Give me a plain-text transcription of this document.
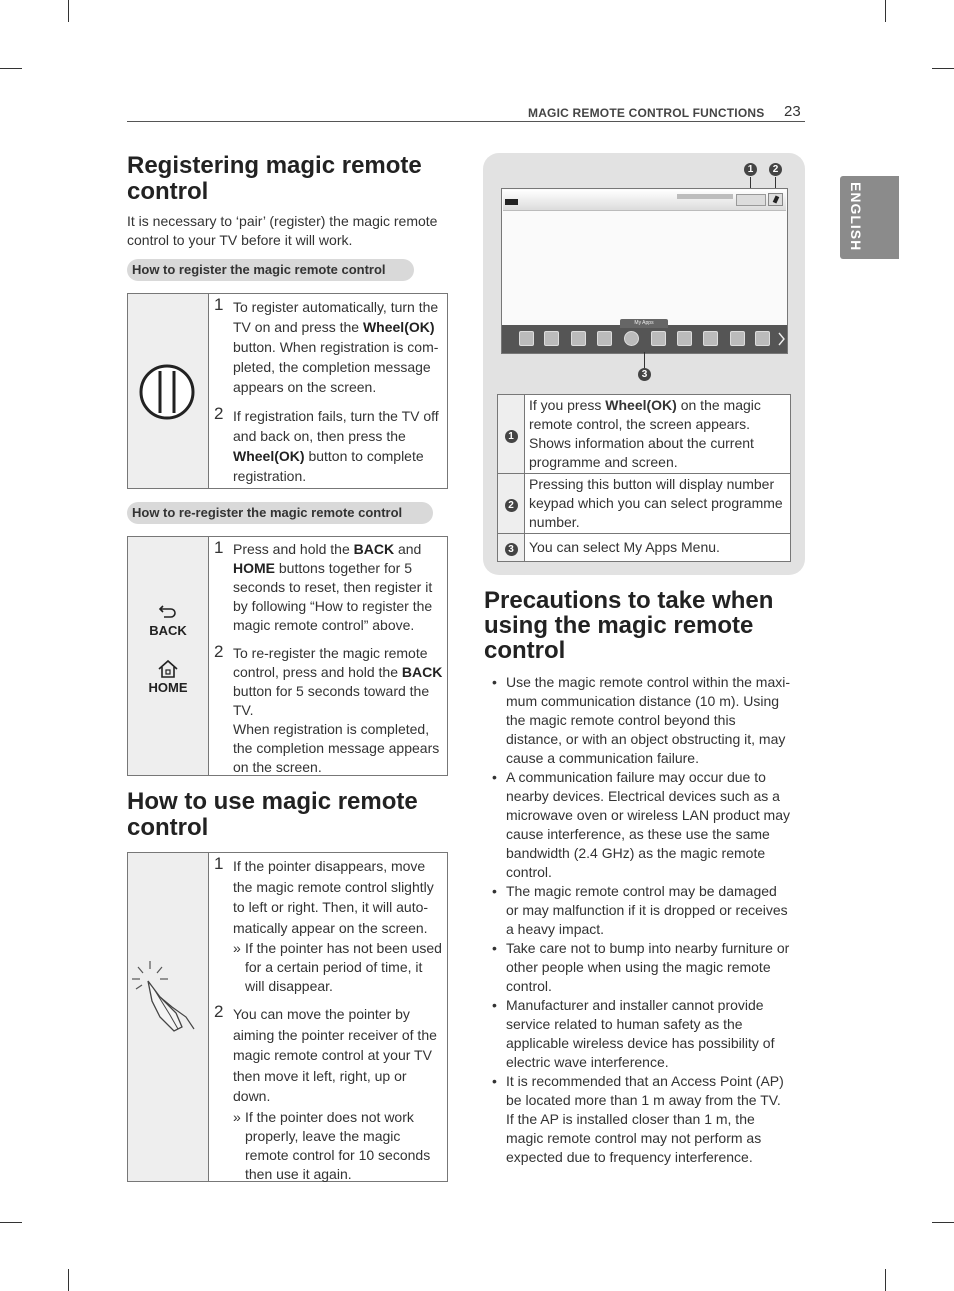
MAGIC REMOTE CONTROL FUNCTIONS 23
ENGLISH
Registering magic remote control
It is necessary to ‘pair’ (register) the magic remote control to your TV before it will work.
How to register the magic remote control
1 To register automatically, turn the TV on and press the Wheel(OK) button. When registration is com-pleted, the completion message appears on the screen.
2 If registration fails, turn the TV off and back on, then press the Wheel(OK) button to complete registration.
How to re-register the magic remote control
BACK
HOME
1 Press and hold the BACK and HOME buttons together for 5 seconds to reset, then register it by following “How to register the magic remote control” above.
2 To re-register the magic remote control, press and hold the BACK button for 5 seconds toward the TV.
When registration is completed, the completion message appears on the screen.
How to use magic remote control
1 If the pointer disappears, move the magic remote control slightly to left or right. Then, it will auto-matically appear on the screen.
» If the pointer has not been used for a certain period of time, it will disappear.
2 You can move the pointer by aiming the pointer receiver of the magic remote control at your TV then move it left, right, up or down.
» If the pointer does not work properly, leave the magic remote control for 10 seconds then use it again.
1	2
My Apps
3
1	If you press Wheel(OK) on the magic remote control, the screen appears. Shows information about the current programme and screen.
2	Pressing this button will display number keypad which you can select programme number.
3	You can select My Apps Menu.
Precautions to take when using the magic remote control
• Use the magic remote control within the maxi-mum communication distance (10 m). Using the magic remote control beyond this distance, or with an object obstructing it, may cause a communication failure.
• A communication failure may occur due to nearby devices. Electrical devices such as a microwave oven or wireless LAN product may cause interference, as these use the same bandwidth (2.4 GHz) as the magic remote control.
• The magic remote control may be damaged or may malfunction if it is dropped or receives a heavy impact.
• Take care not to bump into nearby furniture or other people when using the magic remote control.
• Manufacturer and installer cannot provide service related to human safety as the applicable wireless device has possibility of electric wave interference.
• It is recommended that an Access Point (AP) be located more than 1 m away from the TV. If the AP is installed closer than 1 m, the magic remote control may not perform as expected due to frequency interference.
